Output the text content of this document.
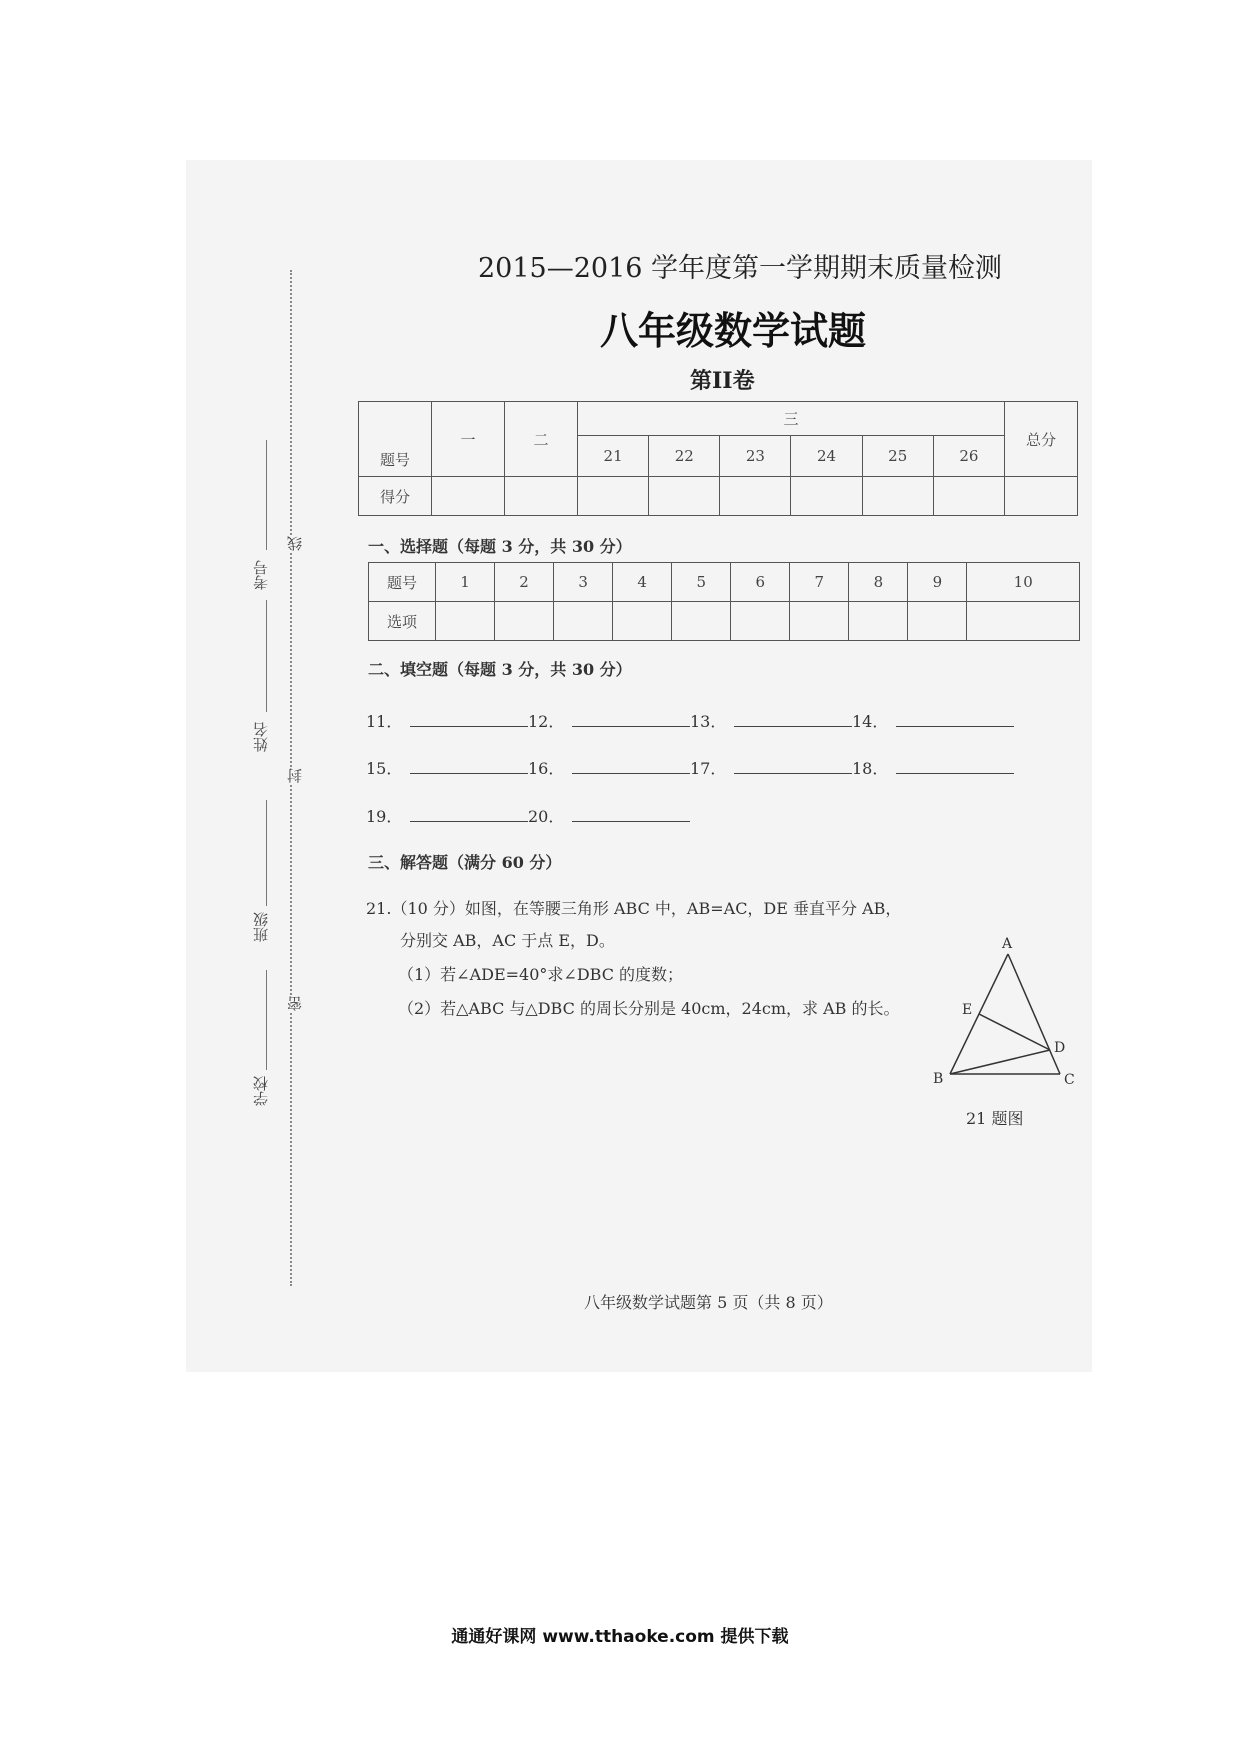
线
封
密
考号
姓名
班级
学校
2015—2016 学年度第一学期期末质量检测
八年级数学试题
第II卷
题号	一	二	三						总分
			21	22	23	24	25	26	
得分									
一、选择题（每题 3 分，共 30 分）
题号	1	2	3	4	5	6	7	8	9	10
选项										
二、填空题（每题 3 分，共 30 分）
11．	12．	13．	14．
15．	16．	17．	18．
19．	20．
三、解答题（满分 60 分）
21.（10 分）如图，在等腰三角形 ABC 中，AB=AC，DE 垂直平分 AB，
分别交 AB，AC 于点 E，D。
（1）若∠ADE=40°求∠DBC 的度数；
（2）若△ABC 与△DBC 的周长分别是 40cm，24cm，求 AB 的长。
A
B	C
D
E
21 题图
八年级数学试题第 5 页（共 8 页）
通通好课网 www.tthaoke.com 提供下载
